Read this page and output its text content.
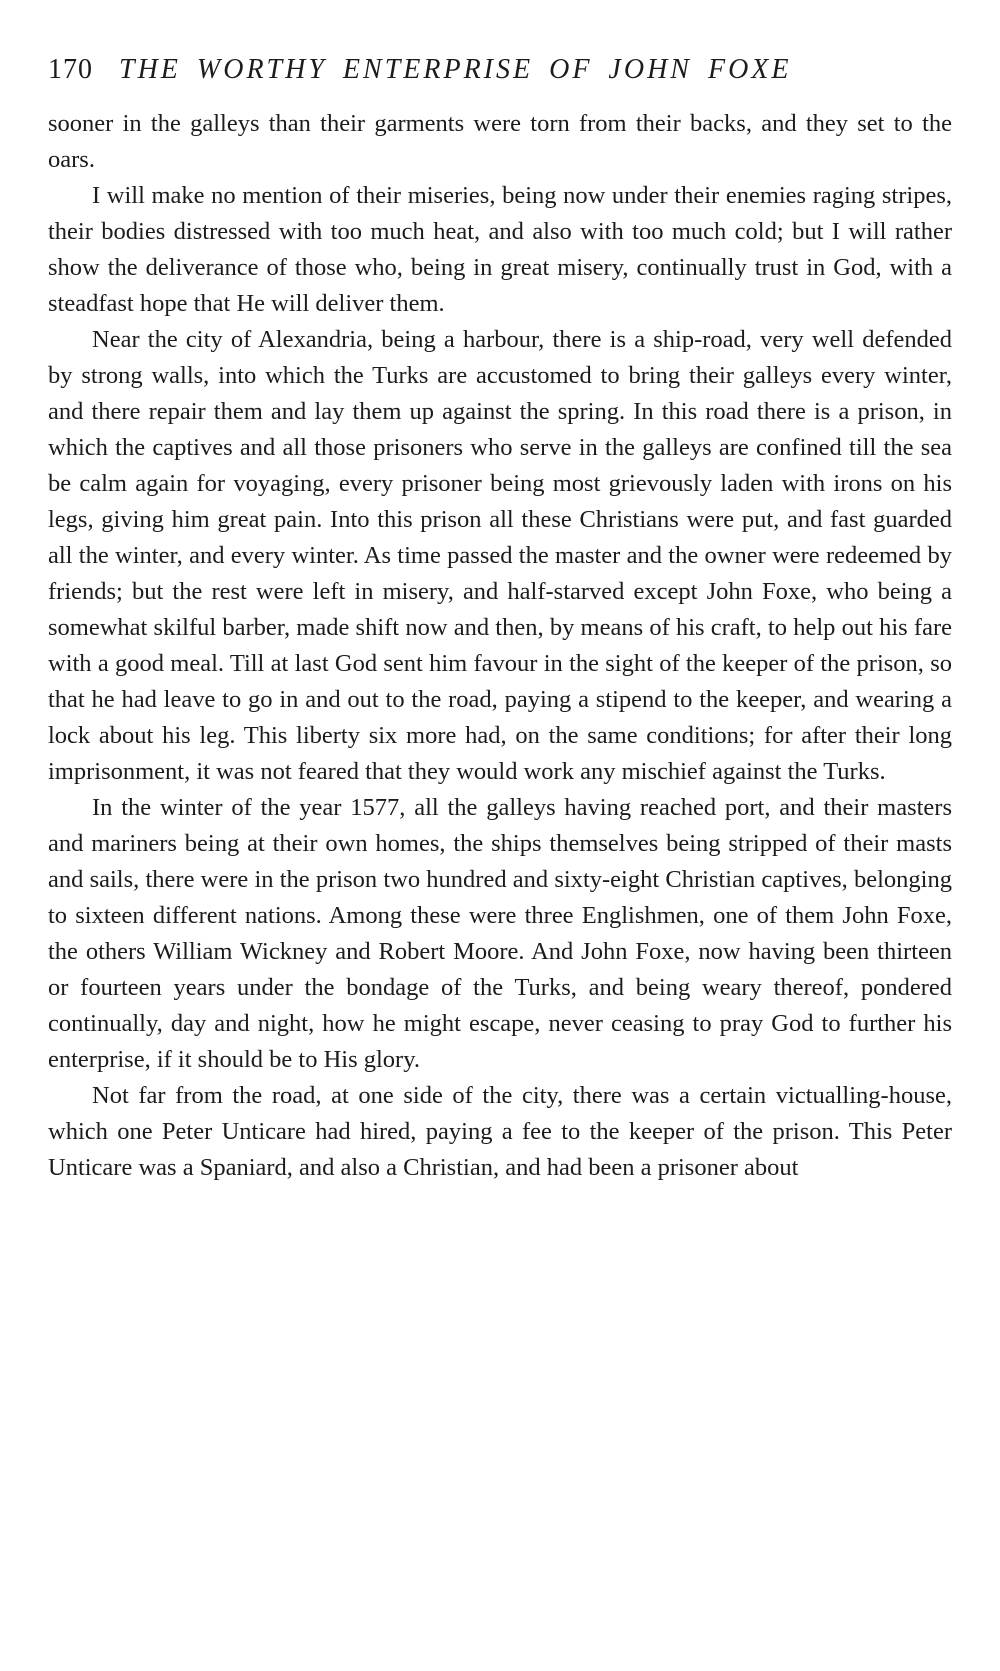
170 THE WORTHY ENTERPRISE OF JOHN FOXE

sooner in the galleys than their garments were torn from their backs, and they set to the oars.

I will make no mention of their miseries, being now under their enemies raging stripes, their bodies distressed with too much heat, and also with too much cold; but I will rather show the deliverance of those who, being in great misery, continually trust in God, with a steadfast hope that He will deliver them.

Near the city of Alexandria, being a harbour, there is a ship-road, very well defended by strong walls, into which the Turks are accustomed to bring their galleys every winter, and there repair them and lay them up against the spring. In this road there is a prison, in which the captives and all those prisoners who serve in the galleys are confined till the sea be calm again for voyaging, every prisoner being most grievously laden with irons on his legs, giving him great pain. Into this prison all these Christians were put, and fast guarded all the winter, and every winter. As time passed the master and the owner were redeemed by friends; but the rest were left in misery, and half-starved except John Foxe, who being a somewhat skilful barber, made shift now and then, by means of his craft, to help out his fare with a good meal. Till at last God sent him favour in the sight of the keeper of the prison, so that he had leave to go in and out to the road, paying a stipend to the keeper, and wearing a lock about his leg. This liberty six more had, on the same conditions; for after their long imprisonment, it was not feared that they would work any mischief against the Turks.

In the winter of the year 1577, all the galleys having reached port, and their masters and mariners being at their own homes, the ships themselves being stripped of their masts and sails, there were in the prison two hundred and sixty-eight Christian captives, belonging to sixteen different nations. Among these were three Englishmen, one of them John Foxe, the others William Wickney and Robert Moore. And John Foxe, now having been thirteen or fourteen years under the bondage of the Turks, and being weary thereof, pondered continually, day and night, how he might escape, never ceasing to pray God to further his enterprise, if it should be to His glory.

Not far from the road, at one side of the city, there was a certain victualling-house, which one Peter Unticare had hired, paying a fee to the keeper of the prison. This Peter Unticare was a Spaniard, and also a Christian, and had been a prisoner about
